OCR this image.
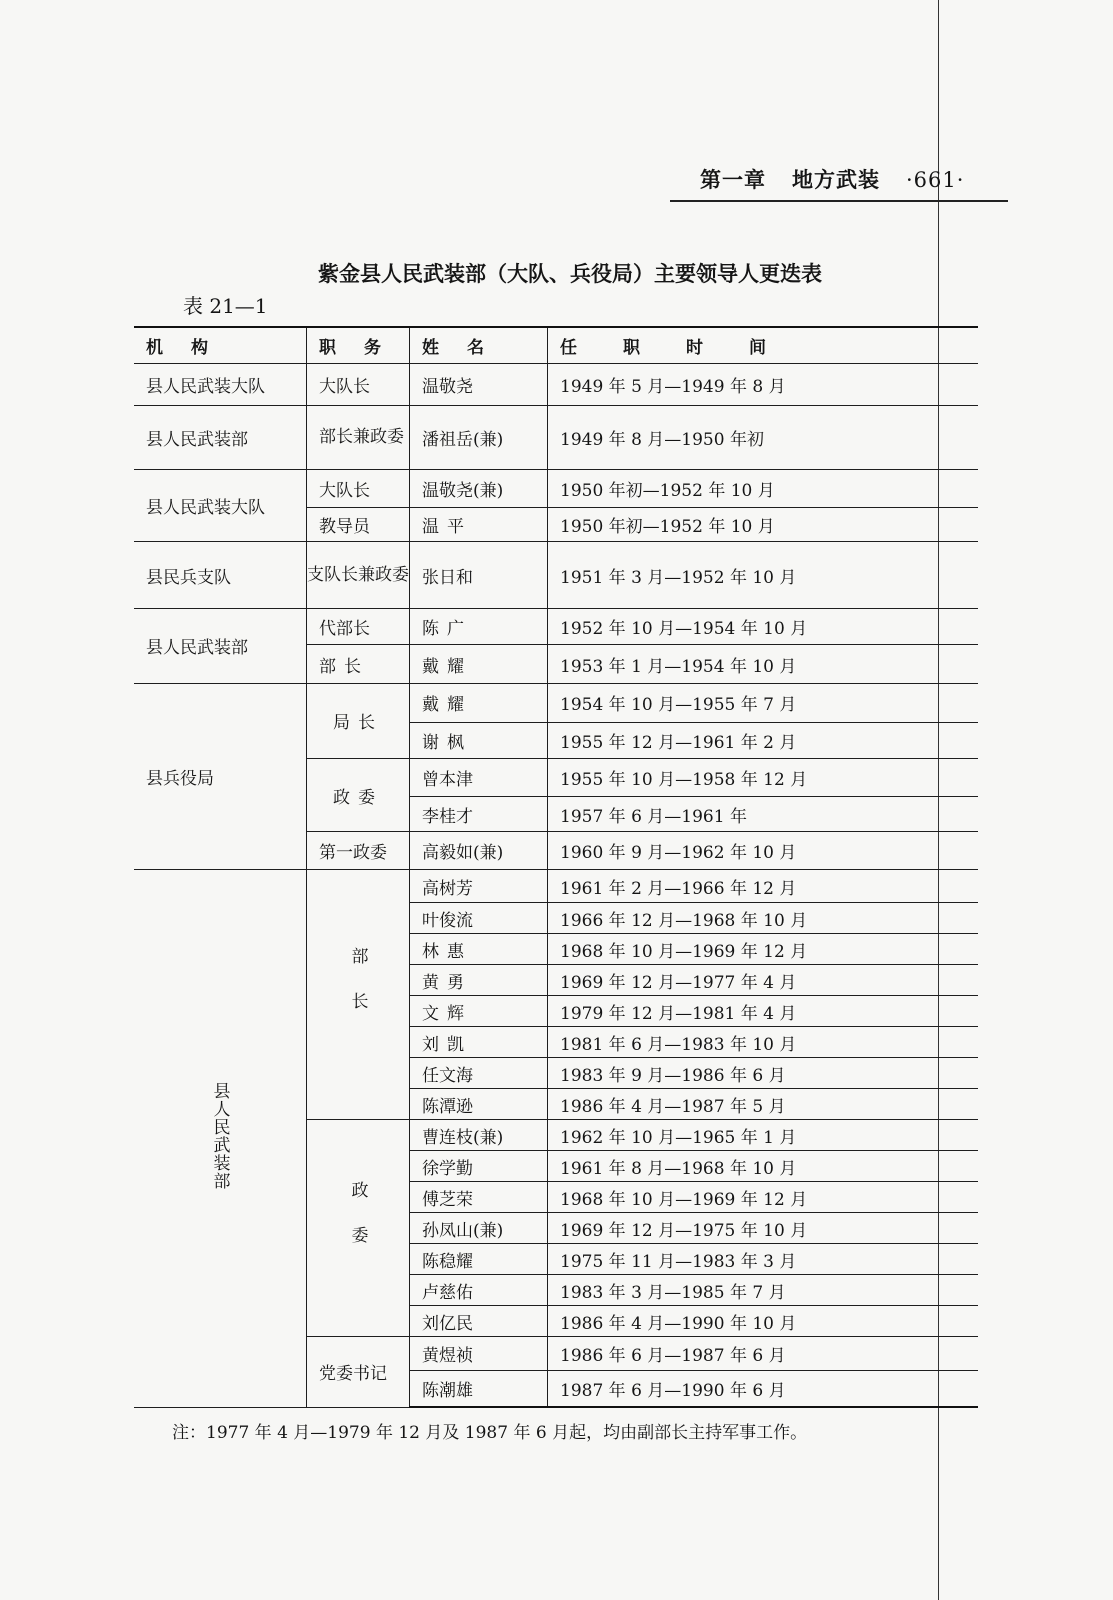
第一章 地方武装 ·661·
紫金县人民武装部（大队、兵役局）主要领导人更迭表
表 21—1
机构	职务	姓名	任职时间
县人民武装大队	大队长	温敬尧	1949 年 5 月—1949 年 8 月
县人民武装部	部长兼政委	潘祖岳(兼)	1949 年 8 月—1950 年初
县人民武装大队	大队长	温敬尧(兼)	1950 年初—1952 年 10 月
	教导员	温平	1950 年初—1952 年 10 月
县民兵支队	支队长兼政委	张日和	1951 年 3 月—1952 年 10 月
县人民武装部	代部长	陈广	1952 年 10 月—1954 年 10 月
	部长	戴耀	1953 年 1 月—1954 年 10 月
县兵役局	局长	戴耀	1954 年 10 月—1955 年 7 月
		谢枫	1955 年 12 月—1961 年 2 月
	政委	曾本津	1955 年 10 月—1958 年 12 月
		李桂才	1957 年 6 月—1961 年
	第一政委	高毅如(兼)	1960 年 9 月—1962 年 10 月
县人民武装部	部长	高树芳	1961 年 2 月—1966 年 12 月
		叶俊流	1966 年 12 月—1968 年 10 月
		林惠	1968 年 10 月—1969 年 12 月
		黄勇	1969 年 12 月—1977 年 4 月
		文辉	1979 年 12 月—1981 年 4 月
		刘凯	1981 年 6 月—1983 年 10 月
		任文海	1983 年 9 月—1986 年 6 月
		陈潭逊	1986 年 4 月—1987 年 5 月
	政委	曹连枝(兼)	1962 年 10 月—1965 年 1 月
		徐学勤	1961 年 8 月—1968 年 10 月
		傅芝荣	1968 年 10 月—1969 年 12 月
		孙凤山(兼)	1969 年 12 月—1975 年 10 月
		陈稳耀	1975 年 11 月—1983 年 3 月
		卢慈佑	1983 年 3 月—1985 年 7 月
		刘亿民	1986 年 4 月—1990 年 10 月
	党委书记	黄煜祯	1986 年 6 月—1987 年 6 月
		陈潮雄	1987 年 6 月—1990 年 6 月
注：1977 年 4 月—1979 年 12 月及 1987 年 6 月起，均由副部长主持军事工作。
